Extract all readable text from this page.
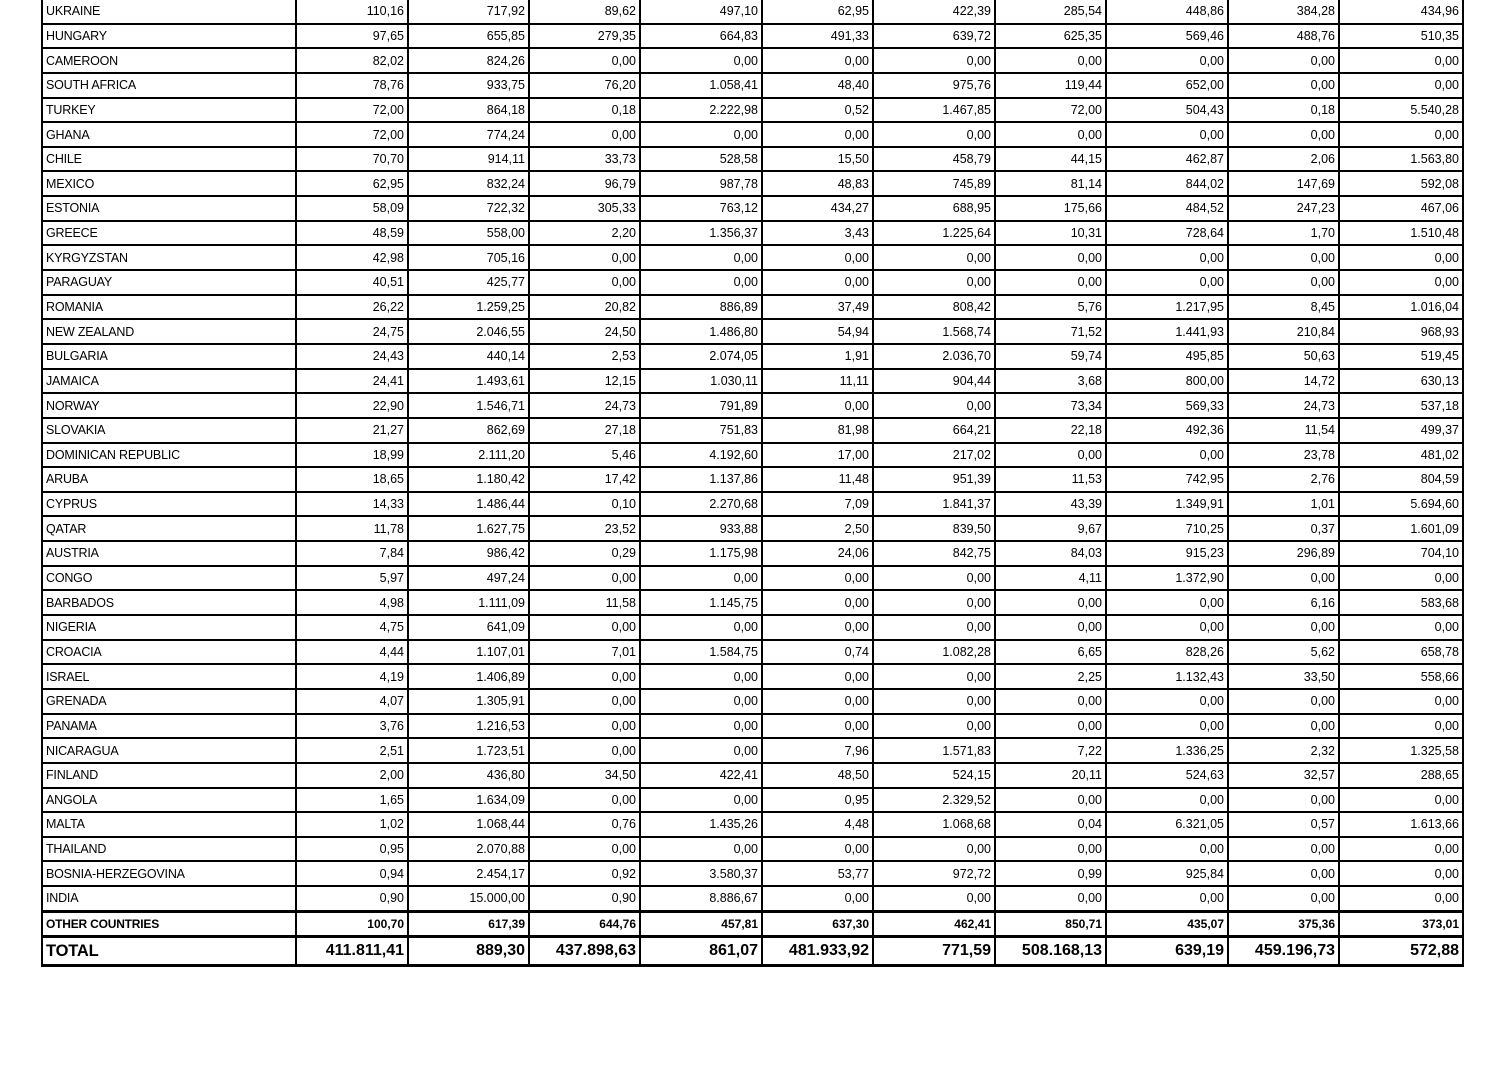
UKRAINE	110,16	717,92	89,62	497,10	62,95	422,39	285,54	448,86	384,28	434,96
HUNGARY	97,65	655,85	279,35	664,83	491,33	639,72	625,35	569,46	488,76	510,35
CAMEROON	82,02	824,26	0,00	0,00	0,00	0,00	0,00	0,00	0,00	0,00
SOUTH AFRICA	78,76	933,75	76,20	1.058,41	48,40	975,76	119,44	652,00	0,00	0,00
TURKEY	72,00	864,18	0,18	2.222,98	0,52	1.467,85	72,00	504,43	0,18	5.540,28
GHANA	72,00	774,24	0,00	0,00	0,00	0,00	0,00	0,00	0,00	0,00
CHILE	70,70	914,11	33,73	528,58	15,50	458,79	44,15	462,87	2,06	1.563,80
MEXICO	62,95	832,24	96,79	987,78	48,83	745,89	81,14	844,02	147,69	592,08
ESTONIA	58,09	722,32	305,33	763,12	434,27	688,95	175,66	484,52	247,23	467,06
GREECE	48,59	558,00	2,20	1.356,37	3,43	1.225,64	10,31	728,64	1,70	1.510,48
KYRGYZSTAN	42,98	705,16	0,00	0,00	0,00	0,00	0,00	0,00	0,00	0,00
PARAGUAY	40,51	425,77	0,00	0,00	0,00	0,00	0,00	0,00	0,00	0,00
ROMANIA	26,22	1.259,25	20,82	886,89	37,49	808,42	5,76	1.217,95	8,45	1.016,04
NEW ZEALAND	24,75	2.046,55	24,50	1.486,80	54,94	1.568,74	71,52	1.441,93	210,84	968,93
BULGARIA	24,43	440,14	2,53	2.074,05	1,91	2.036,70	59,74	495,85	50,63	519,45
JAMAICA	24,41	1.493,61	12,15	1.030,11	11,11	904,44	3,68	800,00	14,72	630,13
NORWAY	22,90	1.546,71	24,73	791,89	0,00	0,00	73,34	569,33	24,73	537,18
SLOVAKIA	21,27	862,69	27,18	751,83	81,98	664,21	22,18	492,36	11,54	499,37
DOMINICAN REPUBLIC	18,99	2.111,20	5,46	4.192,60	17,00	217,02	0,00	0,00	23,78	481,02
ARUBA	18,65	1.180,42	17,42	1.137,86	11,48	951,39	11,53	742,95	2,76	804,59
CYPRUS	14,33	1.486,44	0,10	2.270,68	7,09	1.841,37	43,39	1.349,91	1,01	5.694,60
QATAR	11,78	1.627,75	23,52	933,88	2,50	839,50	9,67	710,25	0,37	1.601,09
AUSTRIA	7,84	986,42	0,29	1.175,98	24,06	842,75	84,03	915,23	296,89	704,10
CONGO	5,97	497,24	0,00	0,00	0,00	0,00	4,11	1.372,90	0,00	0,00
BARBADOS	4,98	1.111,09	11,58	1.145,75	0,00	0,00	0,00	0,00	6,16	583,68
NIGERIA	4,75	641,09	0,00	0,00	0,00	0,00	0,00	0,00	0,00	0,00
CROACIA	4,44	1.107,01	7,01	1.584,75	0,74	1.082,28	6,65	828,26	5,62	658,78
ISRAEL	4,19	1.406,89	0,00	0,00	0,00	0,00	2,25	1.132,43	33,50	558,66
GRENADA	4,07	1.305,91	0,00	0,00	0,00	0,00	0,00	0,00	0,00	0,00
PANAMA	3,76	1.216,53	0,00	0,00	0,00	0,00	0,00	0,00	0,00	0,00
NICARAGUA	2,51	1.723,51	0,00	0,00	7,96	1.571,83	7,22	1.336,25	2,32	1.325,58
FINLAND	2,00	436,80	34,50	422,41	48,50	524,15	20,11	524,63	32,57	288,65
ANGOLA	1,65	1.634,09	0,00	0,00	0,95	2.329,52	0,00	0,00	0,00	0,00
MALTA	1,02	1.068,44	0,76	1.435,26	4,48	1.068,68	0,04	6.321,05	0,57	1.613,66
THAILAND	0,95	2.070,88	0,00	0,00	0,00	0,00	0,00	0,00	0,00	0,00
BOSNIA-HERZEGOVINA	0,94	2.454,17	0,92	3.580,37	53,77	972,72	0,99	925,84	0,00	0,00
INDIA	0,90	15.000,00	0,90	8.886,67	0,00	0,00	0,00	0,00	0,00	0,00
OTHER COUNTRIES	100,70	617,39	644,76	457,81	637,30	462,41	850,71	435,07	375,36	373,01
TOTAL	411.811,41	889,30	437.898,63	861,07	481.933,92	771,59	508.168,13	639,19	459.196,73	572,88
